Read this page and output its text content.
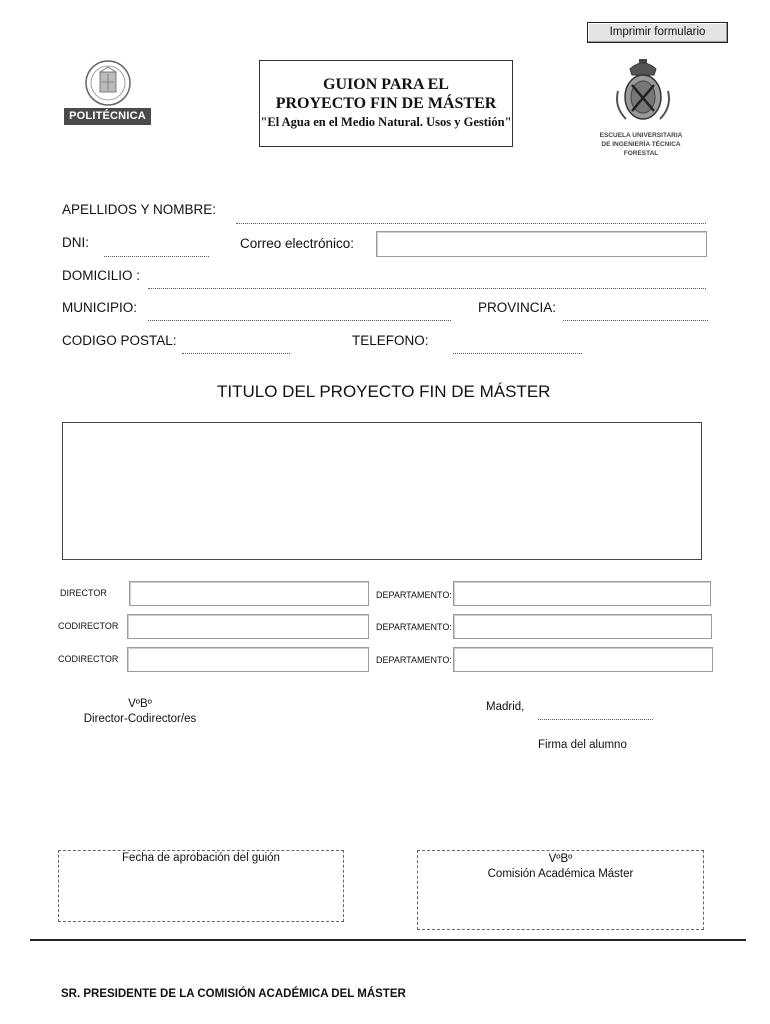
Imprimir formulario
POLITÉCNICA
GUION PARA EL
PROYECTO FIN DE MÁSTER
"El Agua en el Medio Natural. Usos y Gestión"
ESCUELA UNIVERSITARIA
DE INGENIERÍA TÉCNICA FORESTAL
APELLIDOS Y NOMBRE:
DNI:	Correo electrónico:
DOMICILIO :
MUNICIPIO:	PROVINCIA:
CODIGO POSTAL:	TELEFONO:
TITULO DEL PROYECTO FIN DE MÁSTER
DIRECTOR	DEPARTAMENTO:
CODIRECTOR	DEPARTAMENTO:
CODIRECTOR	DEPARTAMENTO:
VºBº
Director-Codirector/es
Madrid,
Firma del alumno
Fecha de aprobación del guión	VºBº
Comisión Académica Máster
SR. PRESIDENTE DE LA COMISIÓN ACADÉMICA DEL MÁSTER
